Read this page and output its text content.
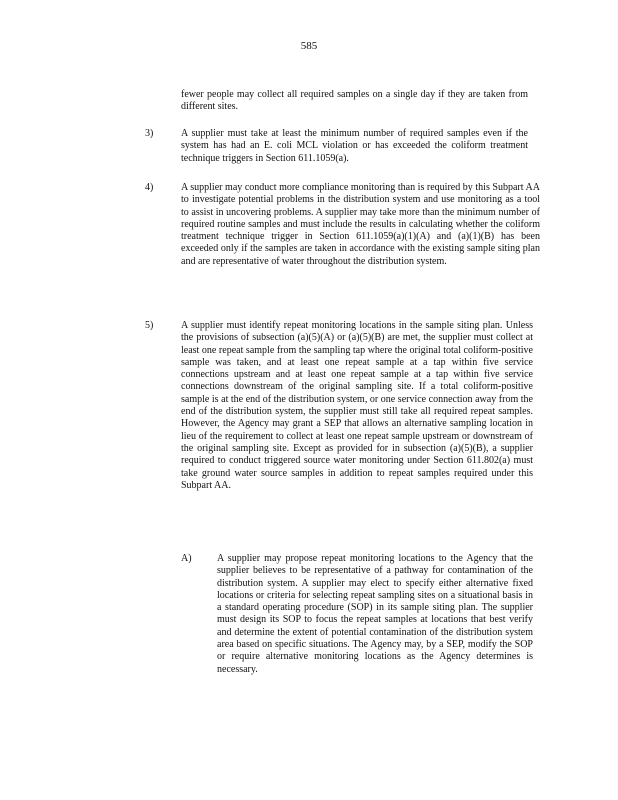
585
fewer people may collect all required samples on a single day if they are taken from different sites.
3)	A supplier must take at least the minimum number of required samples even if the system has had an E. coli MCL violation or has exceeded the coliform treatment technique triggers in Section 611.1059(a).
4)	A supplier may conduct more compliance monitoring than is required by this Subpart AA to investigate potential problems in the distribution system and use monitoring as a tool to assist in uncovering problems. A supplier may take more than the minimum number of required routine samples and must include the results in calculating whether the coliform treatment technique trigger in Section 611.1059(a)(1)(A) and (a)(1)(B) has been exceeded only if the samples are taken in accordance with the existing sample siting plan and are representative of water throughout the distribution system.
5)	A supplier must identify repeat monitoring locations in the sample siting plan. Unless the provisions of subsection (a)(5)(A) or (a)(5)(B) are met, the supplier must collect at least one repeat sample from the sampling tap where the original total coliform-positive sample was taken, and at least one repeat sample at a tap within five service connections upstream and at least one repeat sample at a tap within five service connections downstream of the original sampling site. If a total coliform-positive sample is at the end of the distribution system, or one service connection away from the end of the distribution system, the supplier must still take all required repeat samples. However, the Agency may grant a SEP that allows an alternative sampling location in lieu of the requirement to collect at least one repeat sample upstream or downstream of the original sampling site. Except as provided for in subsection (a)(5)(B), a supplier required to conduct triggered source water monitoring under Section 611.802(a) must take ground water source samples in addition to repeat samples required under this Subpart AA.
A)	A supplier may propose repeat monitoring locations to the Agency that the supplier believes to be representative of a pathway for contamination of the distribution system. A supplier may elect to specify either alternative fixed locations or criteria for selecting repeat sampling sites on a situational basis in a standard operating procedure (SOP) in its sample siting plan. The supplier must design its SOP to focus the repeat samples at locations that best verify and determine the extent of potential contamination of the distribution system area based on specific situations. The Agency may, by a SEP, modify the SOP or require alternative monitoring locations as the Agency determines is necessary.
